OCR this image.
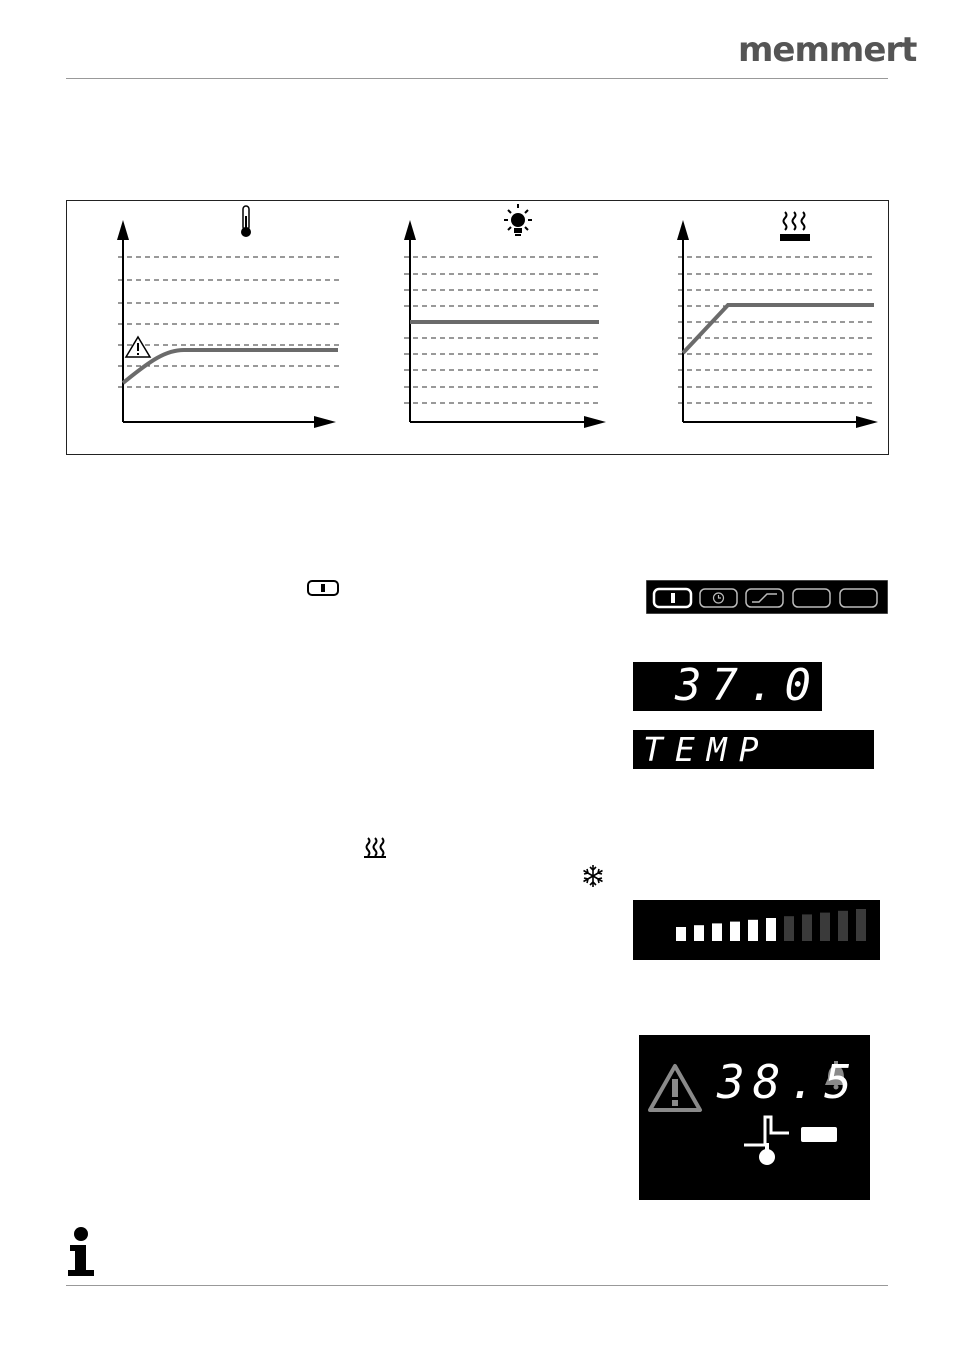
memmert
37.0
TEMP
38.5
